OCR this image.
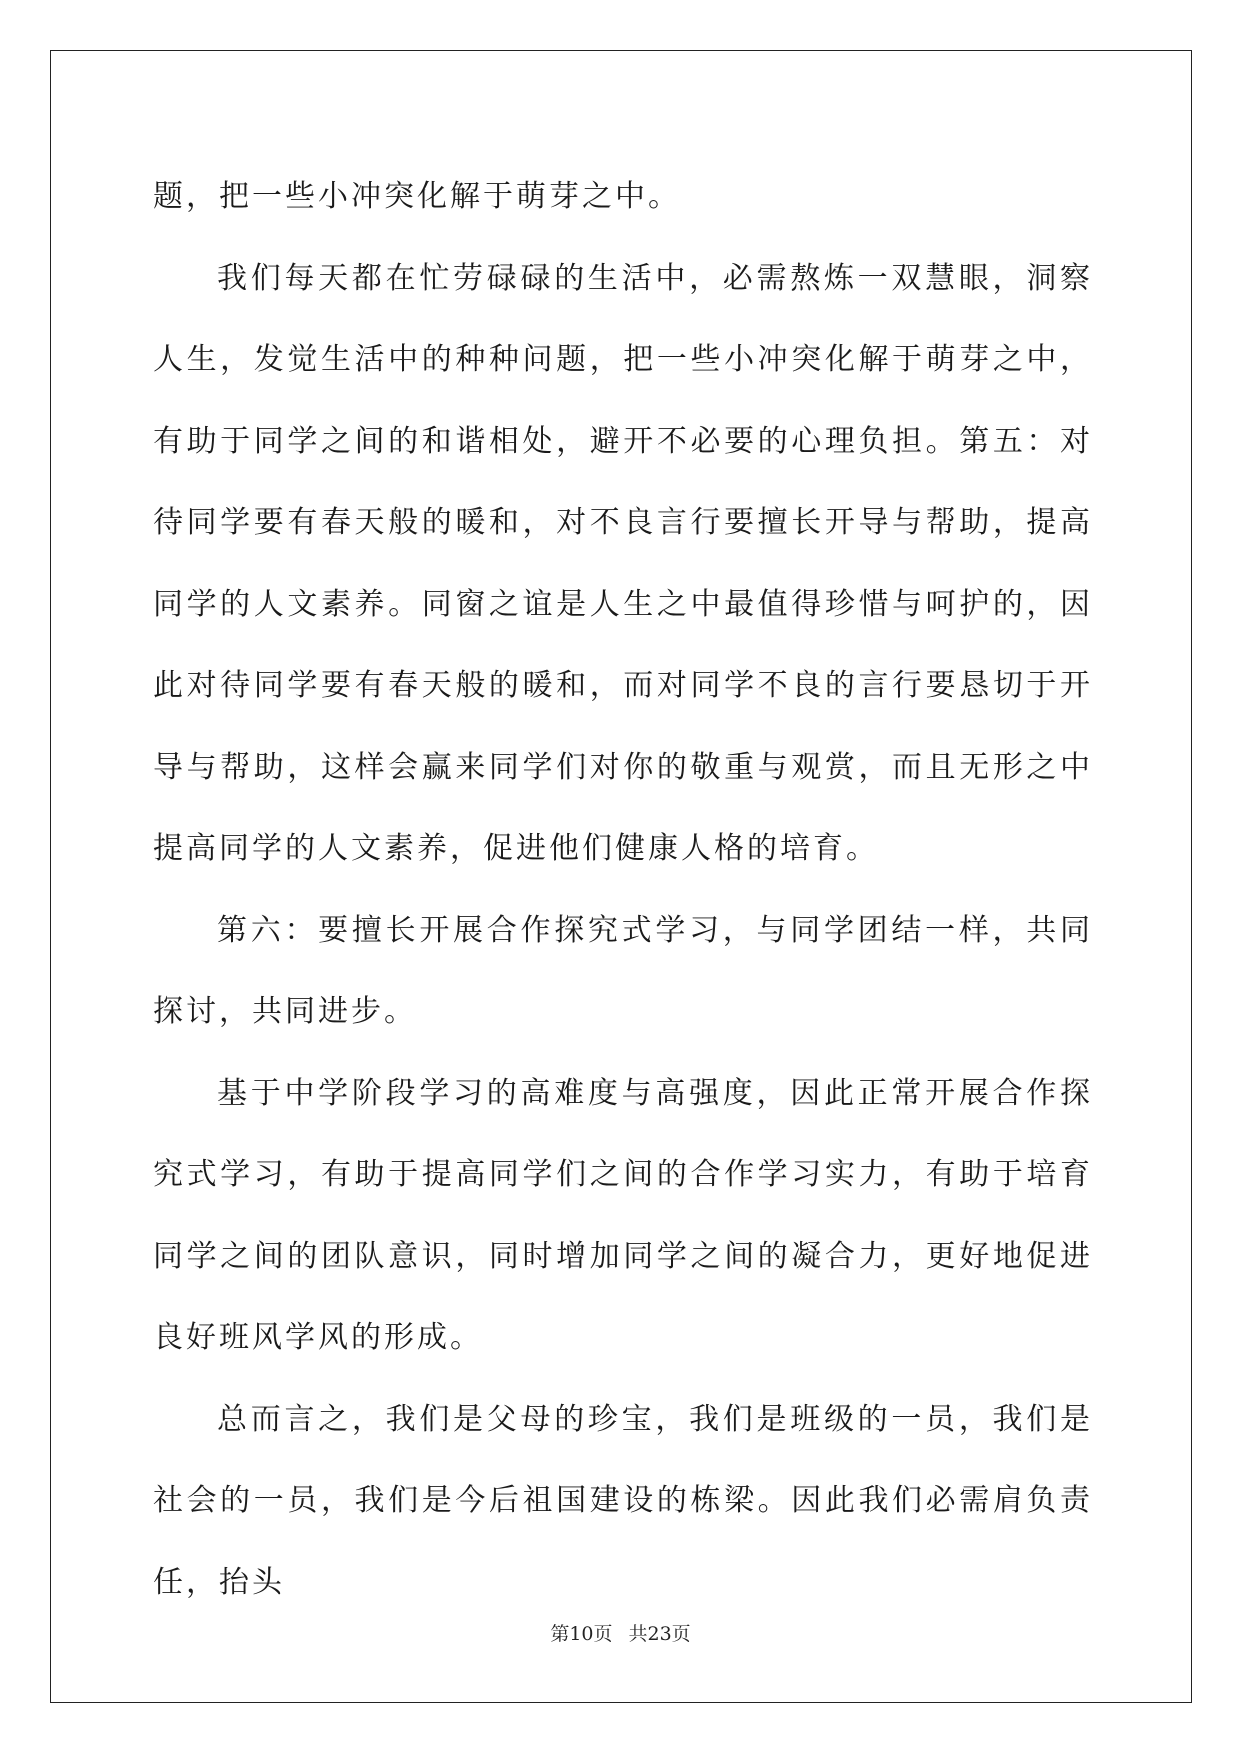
题，把一些小冲突化解于萌芽之中。

我们每天都在忙劳碌碌的生活中，必需熬炼一双慧眼，洞察人生，发觉生活中的种种问题，把一些小冲突化解于萌芽之中，有助于同学之间的和谐相处，避开不必要的心理负担。第五：对待同学要有春天般的暖和，对不良言行要擅长开导与帮助，提高同学的人文素养。同窗之谊是人生之中最值得珍惜与呵护的，因此对待同学要有春天般的暖和，而对同学不良的言行要恳切于开导与帮助，这样会赢来同学们对你的敬重与观赏，而且无形之中提高同学的人文素养，促进他们健康人格的培育。

第六：要擅长开展合作探究式学习，与同学团结一样，共同探讨，共同进步。

基于中学阶段学习的高难度与高强度，因此正常开展合作探究式学习，有助于提高同学们之间的合作学习实力，有助于培育同学之间的团队意识，同时增加同学之间的凝合力，更好地促进良好班风学风的形成。

总而言之，我们是父母的珍宝，我们是班级的一员，我们是社会的一员，我们是今后祖国建设的栋梁。因此我们必需肩负责任，抬头

第10页 共23页
